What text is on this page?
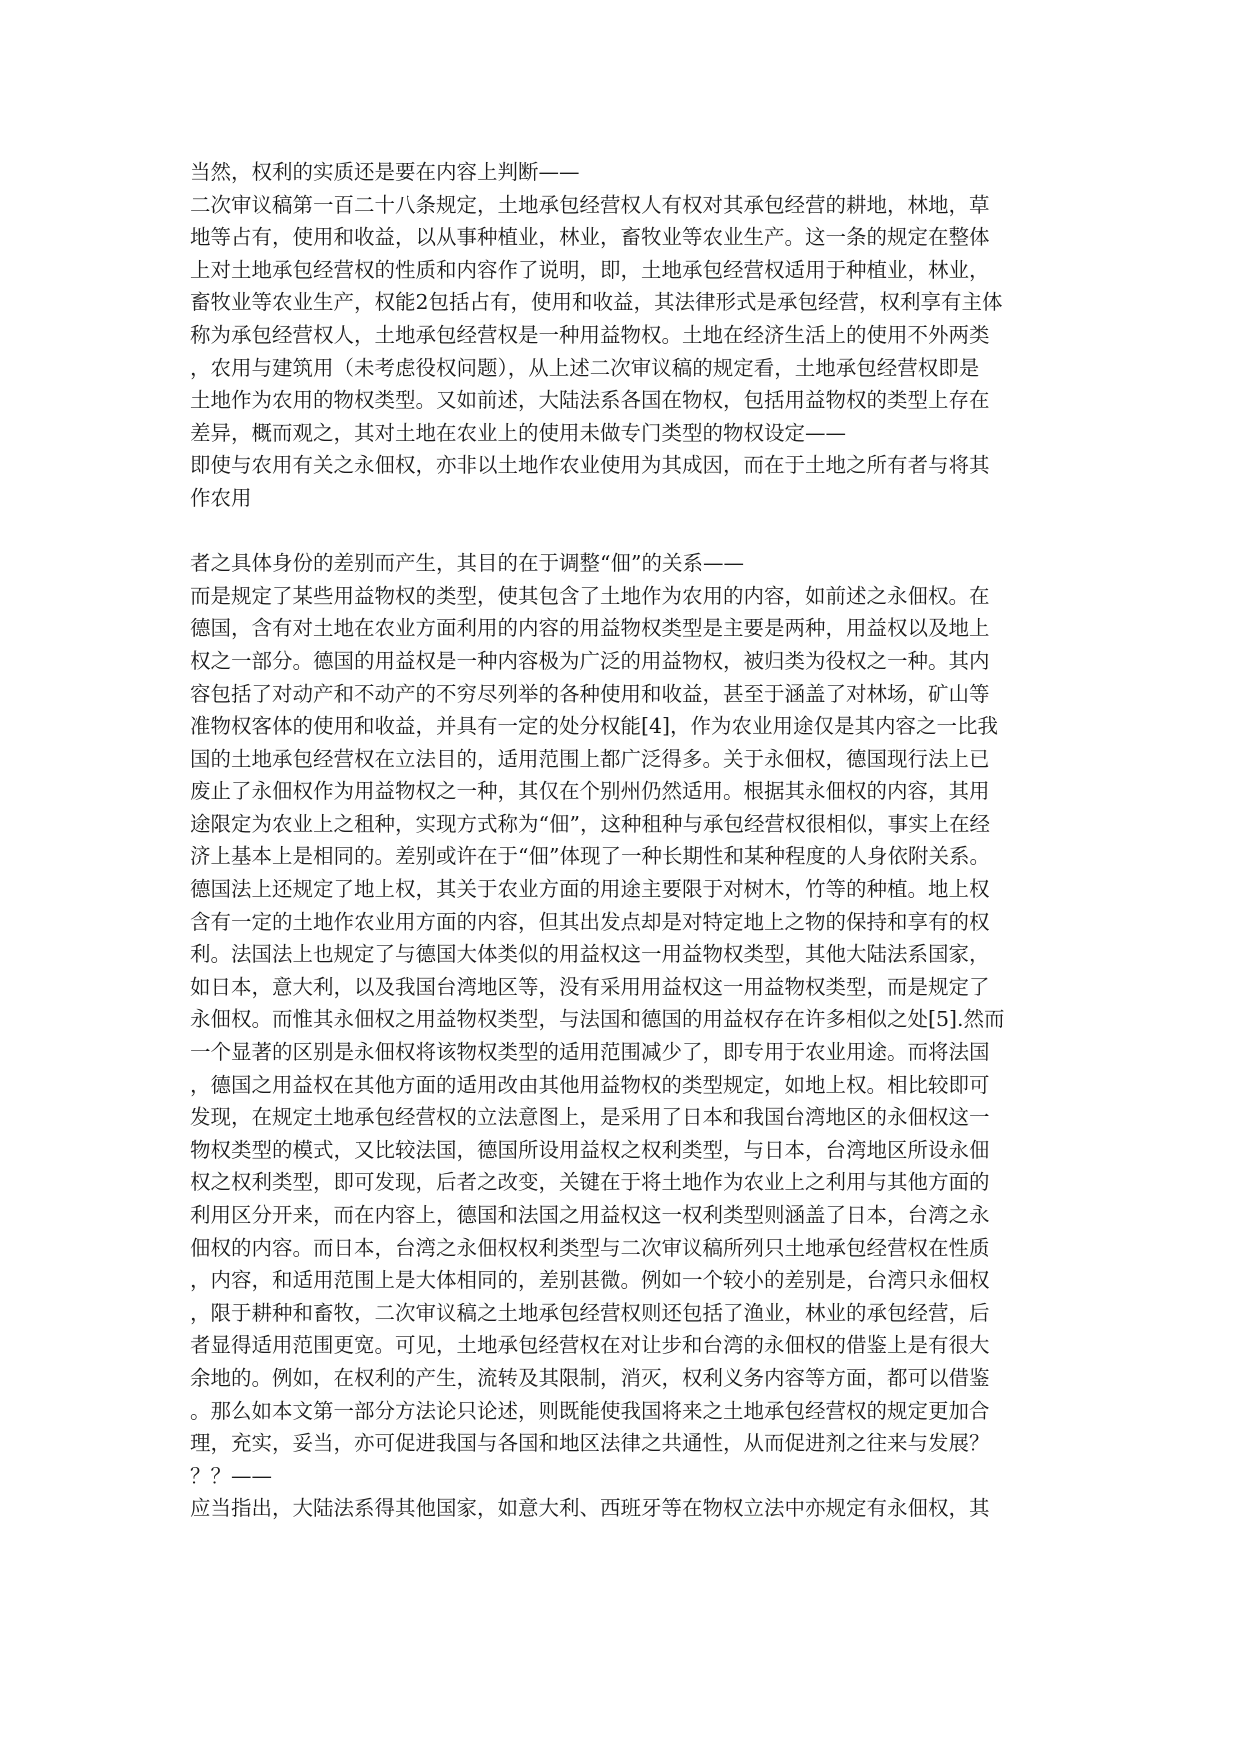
当然，权利的实质还是要在内容上判断——
二次审议稿第一百二十八条规定，土地承包经营权人有权对其承包经营的耕地，林地，草
地等占有，使用和收益，以从事种植业，林业，畜牧业等农业生产。这一条的规定在整体
上对土地承包经营权的性质和内容作了说明，即，土地承包经营权适用于种植业，林业，
畜牧业等农业生产，权能2包括占有，使用和收益，其法律形式是承包经营，权利享有主体
称为承包经营权人，土地承包经营权是一种用益物权。土地在经济生活上的使用不外两类
，农用与建筑用（未考虑役权问题），从上述二次审议稿的规定看，土地承包经营权即是
土地作为农用的物权类型。又如前述，大陆法系各国在物权，包括用益物权的类型上存在
差异，概而观之，其对土地在农业上的使用未做专门类型的物权设定——
即使与农用有关之永佃权，亦非以土地作农业使用为其成因，而在于土地之所有者与将其
作农用
者之具体身份的差别而产生，其目的在于调整“佃”的关系——
而是规定了某些用益物权的类型，使其包含了土地作为农用的内容，如前述之永佃权。在
德国，含有对土地在农业方面利用的内容的用益物权类型是主要是两种，用益权以及地上
权之一部分。德国的用益权是一种内容极为广泛的用益物权，被归类为役权之一种。其内
容包括了对动产和不动产的不穷尽列举的各种使用和收益，甚至于涵盖了对林场，矿山等
准物权客体的使用和收益，并具有一定的处分权能[4]，作为农业用途仅是其内容之一比我
国的土地承包经营权在立法目的，适用范围上都广泛得多。关于永佃权，德国现行法上已
废止了永佃权作为用益物权之一种，其仅在个别州仍然适用。根据其永佃权的内容，其用
途限定为农业上之租种，实现方式称为“佃”，这种租种与承包经营权很相似，事实上在经
济上基本上是相同的。差别或许在于“佃”体现了一种长期性和某种程度的人身依附关系。
德国法上还规定了地上权，其关于农业方面的用途主要限于对树木，竹等的种植。地上权
含有一定的土地作农业用方面的内容，但其出发点却是对特定地上之物的保持和享有的权
利。法国法上也规定了与德国大体类似的用益权这一用益物权类型，其他大陆法系国家，
如日本，意大利，以及我国台湾地区等，没有采用用益权这一用益物权类型，而是规定了
永佃权。而惟其永佃权之用益物权类型，与法国和德国的用益权存在许多相似之处[5].然而
一个显著的区别是永佃权将该物权类型的适用范围减少了，即专用于农业用途。而将法国
，德国之用益权在其他方面的适用改由其他用益物权的类型规定，如地上权。相比较即可
发现，在规定土地承包经营权的立法意图上，是采用了日本和我国台湾地区的永佃权这一
物权类型的模式，又比较法国，德国所设用益权之权利类型，与日本，台湾地区所设永佃
权之权利类型，即可发现，后者之改变，关键在于将土地作为农业上之利用与其他方面的
利用区分开来，而在内容上，德国和法国之用益权这一权利类型则涵盖了日本，台湾之永
佃权的内容。而日本，台湾之永佃权权利类型与二次审议稿所列只土地承包经营权在性质
，内容，和适用范围上是大体相同的，差别甚微。例如一个较小的差别是，台湾只永佃权
，限于耕种和畜牧，二次审议稿之土地承包经营权则还包括了渔业，林业的承包经营，后
者显得适用范围更宽。可见，土地承包经营权在对让步和台湾的永佃权的借鉴上是有很大
余地的。例如，在权利的产生，流转及其限制，消灭，权利义务内容等方面，都可以借鉴
。那么如本文第一部分方法论只论述，则既能使我国将来之土地承包经营权的规定更加合
理，充实，妥当，亦可促进我国与各国和地区法律之共通性，从而促进剂之往来与发展？
？？——
应当指出，大陆法系得其他国家，如意大利、西班牙等在物权立法中亦规定有永佃权，其
